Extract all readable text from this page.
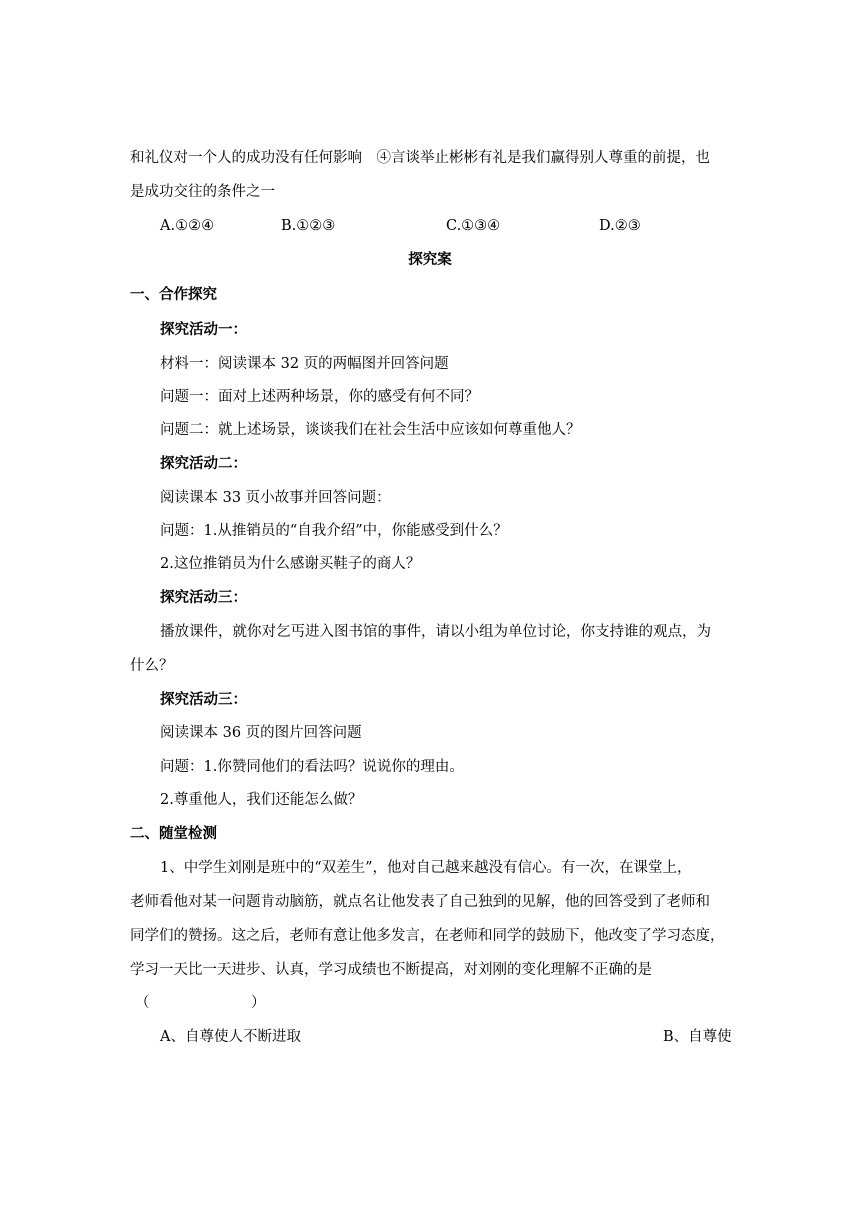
和礼仪对一个人的成功没有任何影响　④言谈举止彬彬有礼是我们赢得别人尊重的前提，也
是成功交往的条件之一
A.①②④	B.①②③	C.①③④	D.②③
探究案
一、合作探究
探究活动一：
材料一：阅读课本 32 页的两幅图并回答问题
问题一：面对上述两种场景，你的感受有何不同？
问题二：就上述场景，谈谈我们在社会生活中应该如何尊重他人？
探究活动二：
阅读课本 33 页小故事并回答问题：
问题：1.从推销员的“自我介绍”中，你能感受到什么？
2.这位推销员为什么感谢买鞋子的商人？
探究活动三：
播放课件，就你对乞丐进入图书馆的事件，请以小组为单位讨论，你支持谁的观点，为
什么？
探究活动三：
阅读课本 36 页的图片回答问题
问题：1.你赞同他们的看法吗？说说你的理由。
2.尊重他人，我们还能怎么做？
二、随堂检测
1、中学生刘刚是班中的“双差生”，他对自己越来越没有信心。有一次，在课堂上，
老师看他对某一问题肯动脑筋，就点名让他发表了自己独到的见解，他的回答受到了老师和
同学们的赞扬。这之后，老师有意让他多发言，在老师和同学的鼓励下，他改变了学习态度，
学习一天比一天进步、认真，学习成绩也不断提高，对刘刚的变化理解不正确的是
（　　　　　　　）
A、自尊使人不断进取	B、自尊使
